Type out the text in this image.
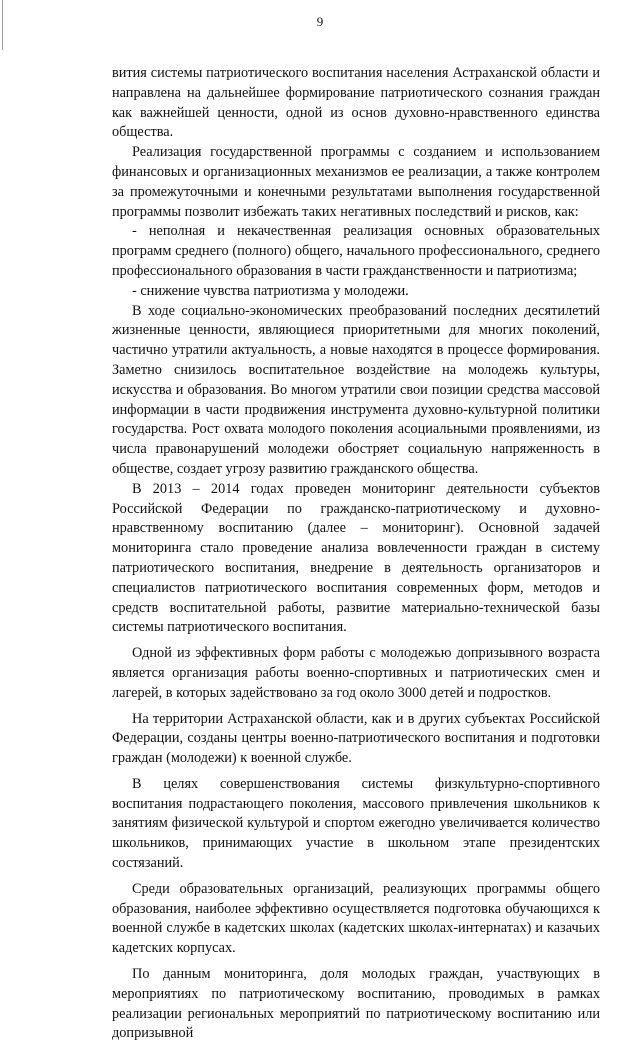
9

вития системы патриотического воспитания населения Астраханской области и направлена на дальнейшее формирование патриотического сознания граждан как важнейшей ценности, одной из основ духовно-нравственного единства общества.

Реализация государственной программы с созданием и использованием финансовых и организационных механизмов ее реализации, а также контролем за промежуточными и конечными результатами выполнения государственной программы позволит избежать таких негативных последствий и рисков, как:

- неполная и некачественная реализация основных образовательных программ среднего (полного) общего, начального профессионального, среднего профессионального образования в части гражданственности и патриотизма;

- снижение чувства патриотизма у молодежи.

В ходе социально-экономических преобразований последних десятилетий жизненные ценности, являющиеся приоритетными для многих поколений, частично утратили актуальность, а новые находятся в процессе формирования. Заметно снизилось воспитательное воздействие на молодежь культуры, искусства и образования. Во многом утратили свои позиции средства массовой информации в части продвижения инструмента духовно-культурной политики государства. Рост охвата молодого поколения асоциальными проявлениями, из числа правонарушений молодежи обостряет социальную напряженность в обществе, создает угрозу развитию гражданского общества.

В 2013 – 2014 годах проведен мониторинг деятельности субъектов Российской Федерации по гражданско-патриотическому и духовно-нравственному воспитанию (далее – мониторинг). Основной задачей мониторинга стало проведение анализа вовлеченности граждан в систему патриотического воспитания, внедрение в деятельность организаторов и специалистов патриотического воспитания современных форм, методов и средств воспитательной работы, развитие материально-технической базы системы патриотического воспитания.

Одной из эффективных форм работы с молодежью допризывного возраста является организация работы военно-спортивных и патриотических смен и лагерей, в которых задействовано за год около 3000 детей и подростков.

На территории Астраханской области, как и в других субъектах Российской Федерации, созданы центры военно-патриотического воспитания и подготовки граждан (молодежи) к военной службе.

В целях совершенствования системы физкультурно-спортивного воспитания подрастающего поколения, массового привлечения школьников к занятиям физической культурой и спортом ежегодно увеличивается количество школьников, принимающих участие в школьном этапе президентских состязаний.

Среди образовательных организаций, реализующих программы общего образования, наиболее эффективно осуществляется подготовка обучающихся к военной службе в кадетских школах (кадетских школах-интернатах) и казачьих кадетских корпусах.

По данным мониторинга, доля молодых граждан, участвующих в мероприятиях по патриотическому воспитанию, проводимых в рамках реализации региональных мероприятий по патриотическому воспитанию или допризывной
